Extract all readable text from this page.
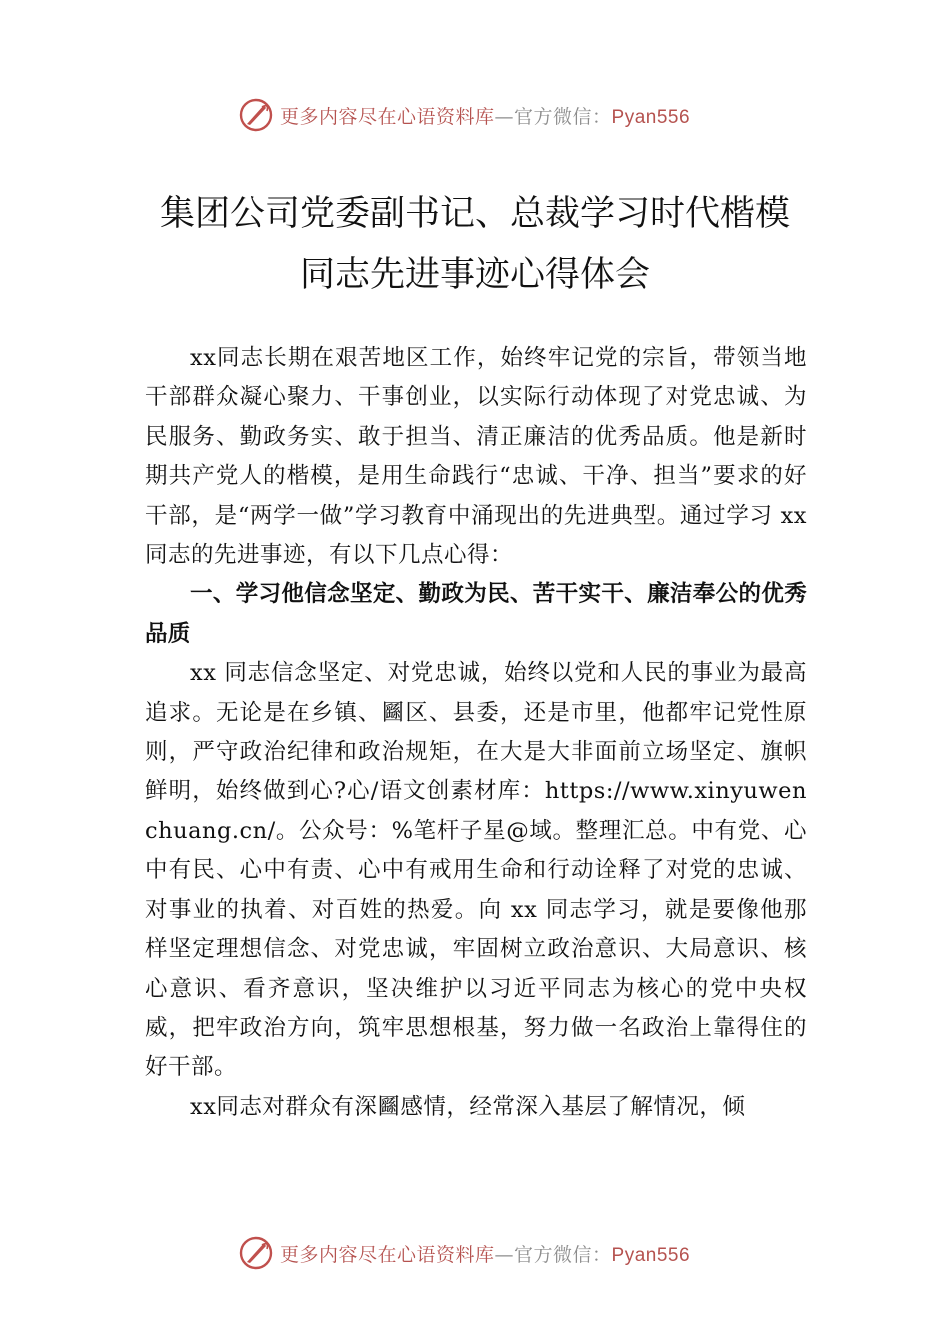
更多内容尽在心语资料库—官方微信：Pyan556
集团公司党委副书记、总裁学习时代楷模
同志先进事迹心得体会

xx同志长期在艰苦地区工作，始终牢记党的宗旨，带领当地干部群众凝心聚力、干事创业，以实际行动体现了对党忠诚、为民服务、勤政务实、敢于担当、清正廉洁的优秀品质。他是新时期共产党人的楷模，是用生命践行“忠诚、干净、担当”要求的好干部，是“两学一做”学习教育中涌现出的先进典型。通过学习 xx同志的先进事迹，有以下几点心得：

一、学习他信念坚定、勤政为民、苦干实干、廉洁奉公的优秀品质

xx 同志信念坚定、对党忠诚，始终以党和人民的事业为最高追求。无论是在乡镇、㘥区、县委，还是市里，他都牢记党性原则，严守政治纪律和政治规矩，在大是大非面前立场坚定、旗帜鲜明，始终做到心?心/语文创素材库：https://www.xinyuwenchuang.cn/。公众号：%笔杆子星@域。整理汇总。中有党、心中有民、心中有责、心中有戒用生命和行动诠释了对党的忠诚、对事业的执着、对百姓的热爱。向 xx 同志学习，就是要像他那样坚定理想信念、对党忠诚，牢固树立政治意识、大局意识、核心意识、看齐意识，坚决维护以习近平同志为核心的党中央权威，把牢政治方向，筑牢思想根基，努力做一名政治上靠得住的好干部。

xx同志对群众有深㘥感情，经常深入基层了解情况，倾

更多内容尽在心语资料库—官方微信：Pyan556
